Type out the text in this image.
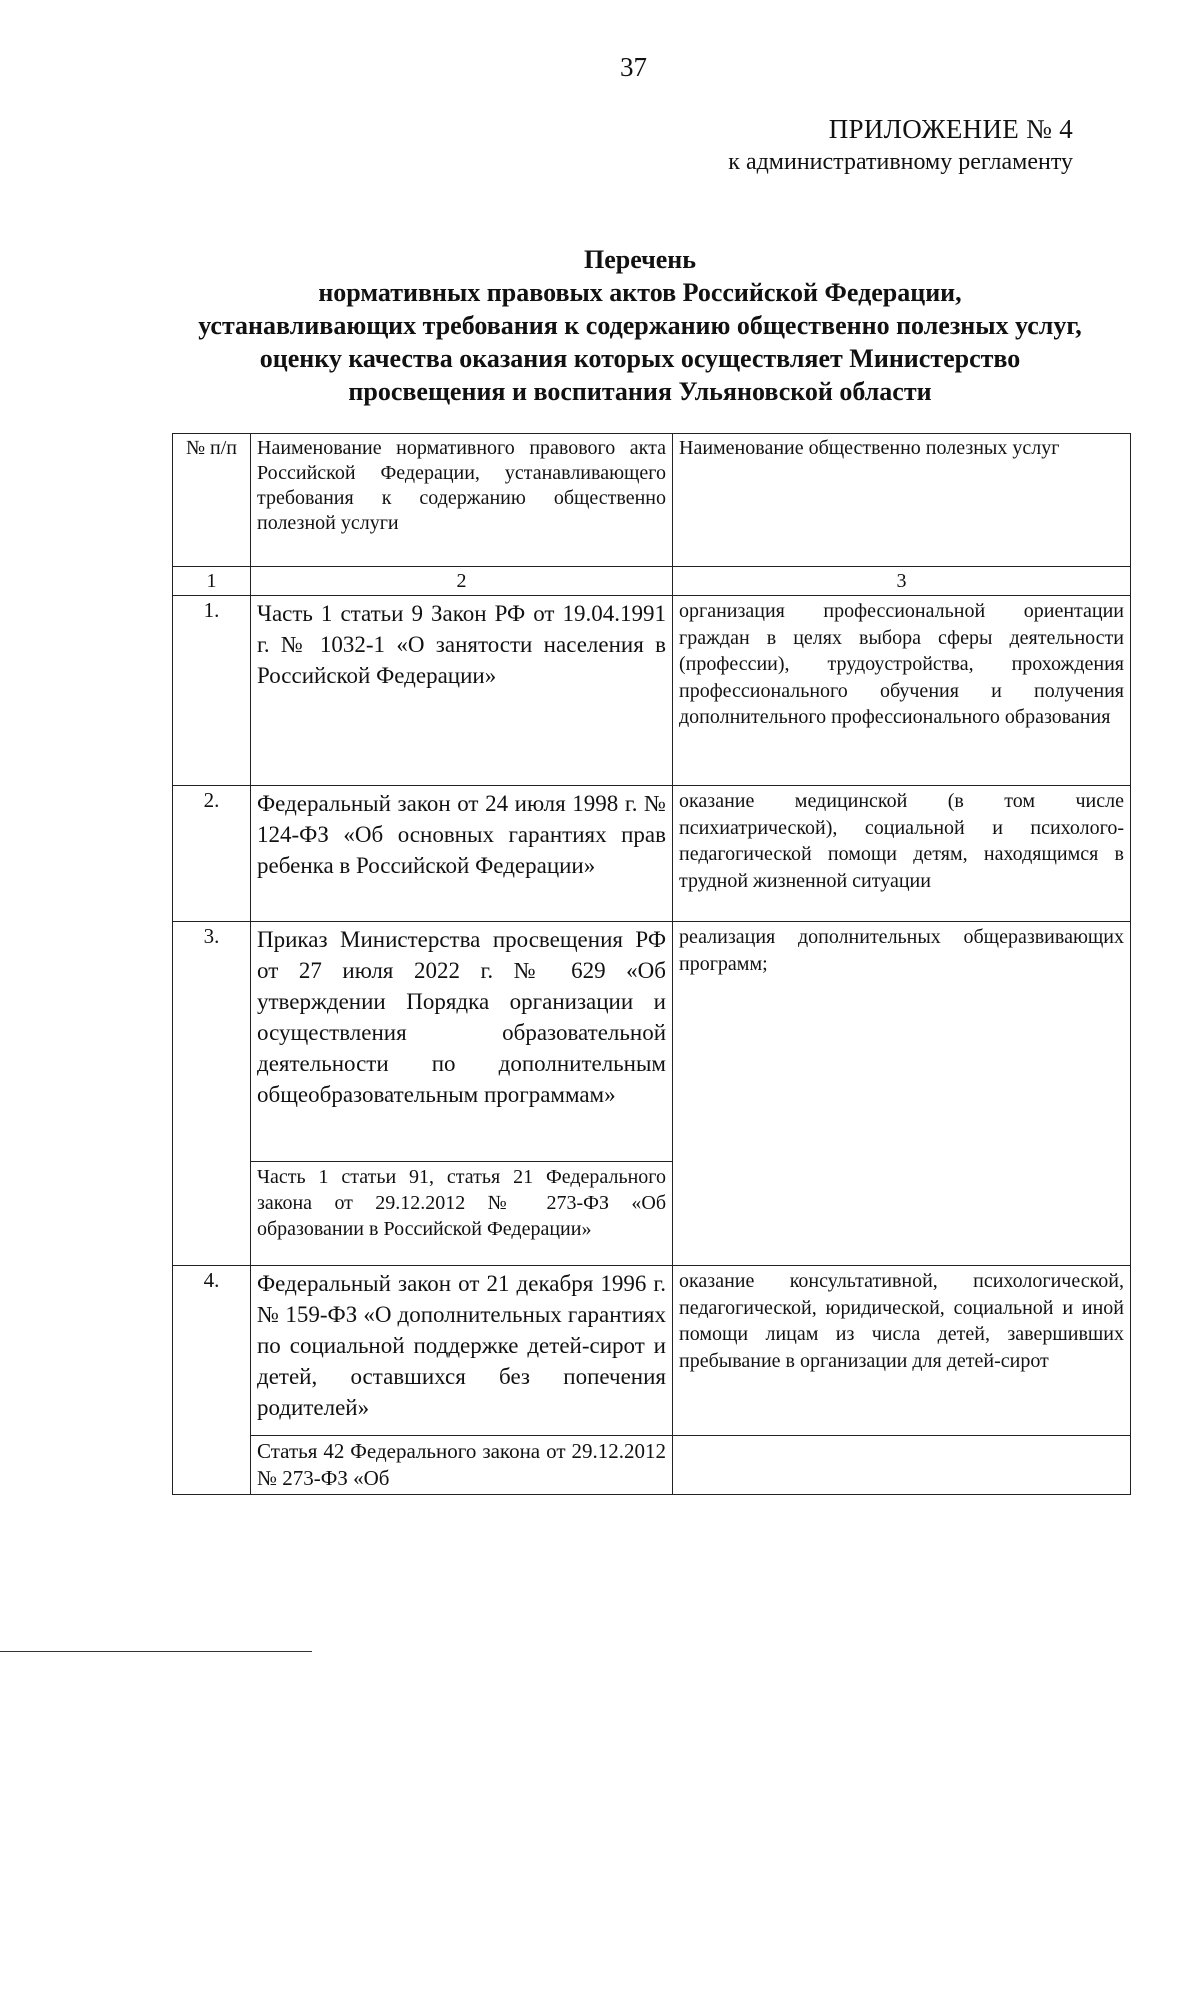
37
ПРИЛОЖЕНИЕ № 4
к административному регламенту
Перечень
нормативных правовых актов Российской Федерации,
устанавливающих требования к содержанию общественно полезных услуг,
оценку качества оказания которых осуществляет Министерство
просвещения и воспитания Ульяновской области
№ п/п	Наименование нормативного правового акта Российской Федерации, устанавливающего требования к содержанию общественно полезной услуги	Наименование общественно полезных услуг
1	2	3
1.	Часть 1 статьи 9 Закон РФ от 19.04.1991 г. № 1032-1 «О занятости населения в Российской Федерации»	организация профессиональной ориентации граждан в целях выбора сферы деятельности (профессии), трудоустройства, прохождения профессионального обучения и получения дополнительного профессионального образования
2.	Федеральный закон от 24 июля 1998 г. № 124-ФЗ «Об основных гарантиях прав ребенка в Российской Федерации»	оказание медицинской (в том числе психиатрической), социальной и психолого-педагогической помощи детям, находящимся в трудной жизненной ситуации
3.	Приказ Министерства просвещения РФ от 27 июля 2022 г. № 629 «Об утверждении Порядка организации и осуществления образовательной деятельности по дополнительным общеобразовательным программам»	реализация дополнительных общеразвивающих программ;
	Часть 1 статьи 91, статья 21 Федерального закона от 29.12.2012 № 273-ФЗ «Об образовании в Российской Федерации»	
4.	Федеральный закон от 21 декабря 1996 г. № 159-ФЗ «О дополнительных гарантиях по социальной поддержке детей-сирот и детей, оставшихся без попечения родителей»	оказание консультативной, психологической, педагогической, юридической, социальной и иной помощи лицам из числа детей, завершивших пребывание в организации для детей-сирот
	Статья 42 Федерального закона от 29.12.2012 № 273-ФЗ «Об	
